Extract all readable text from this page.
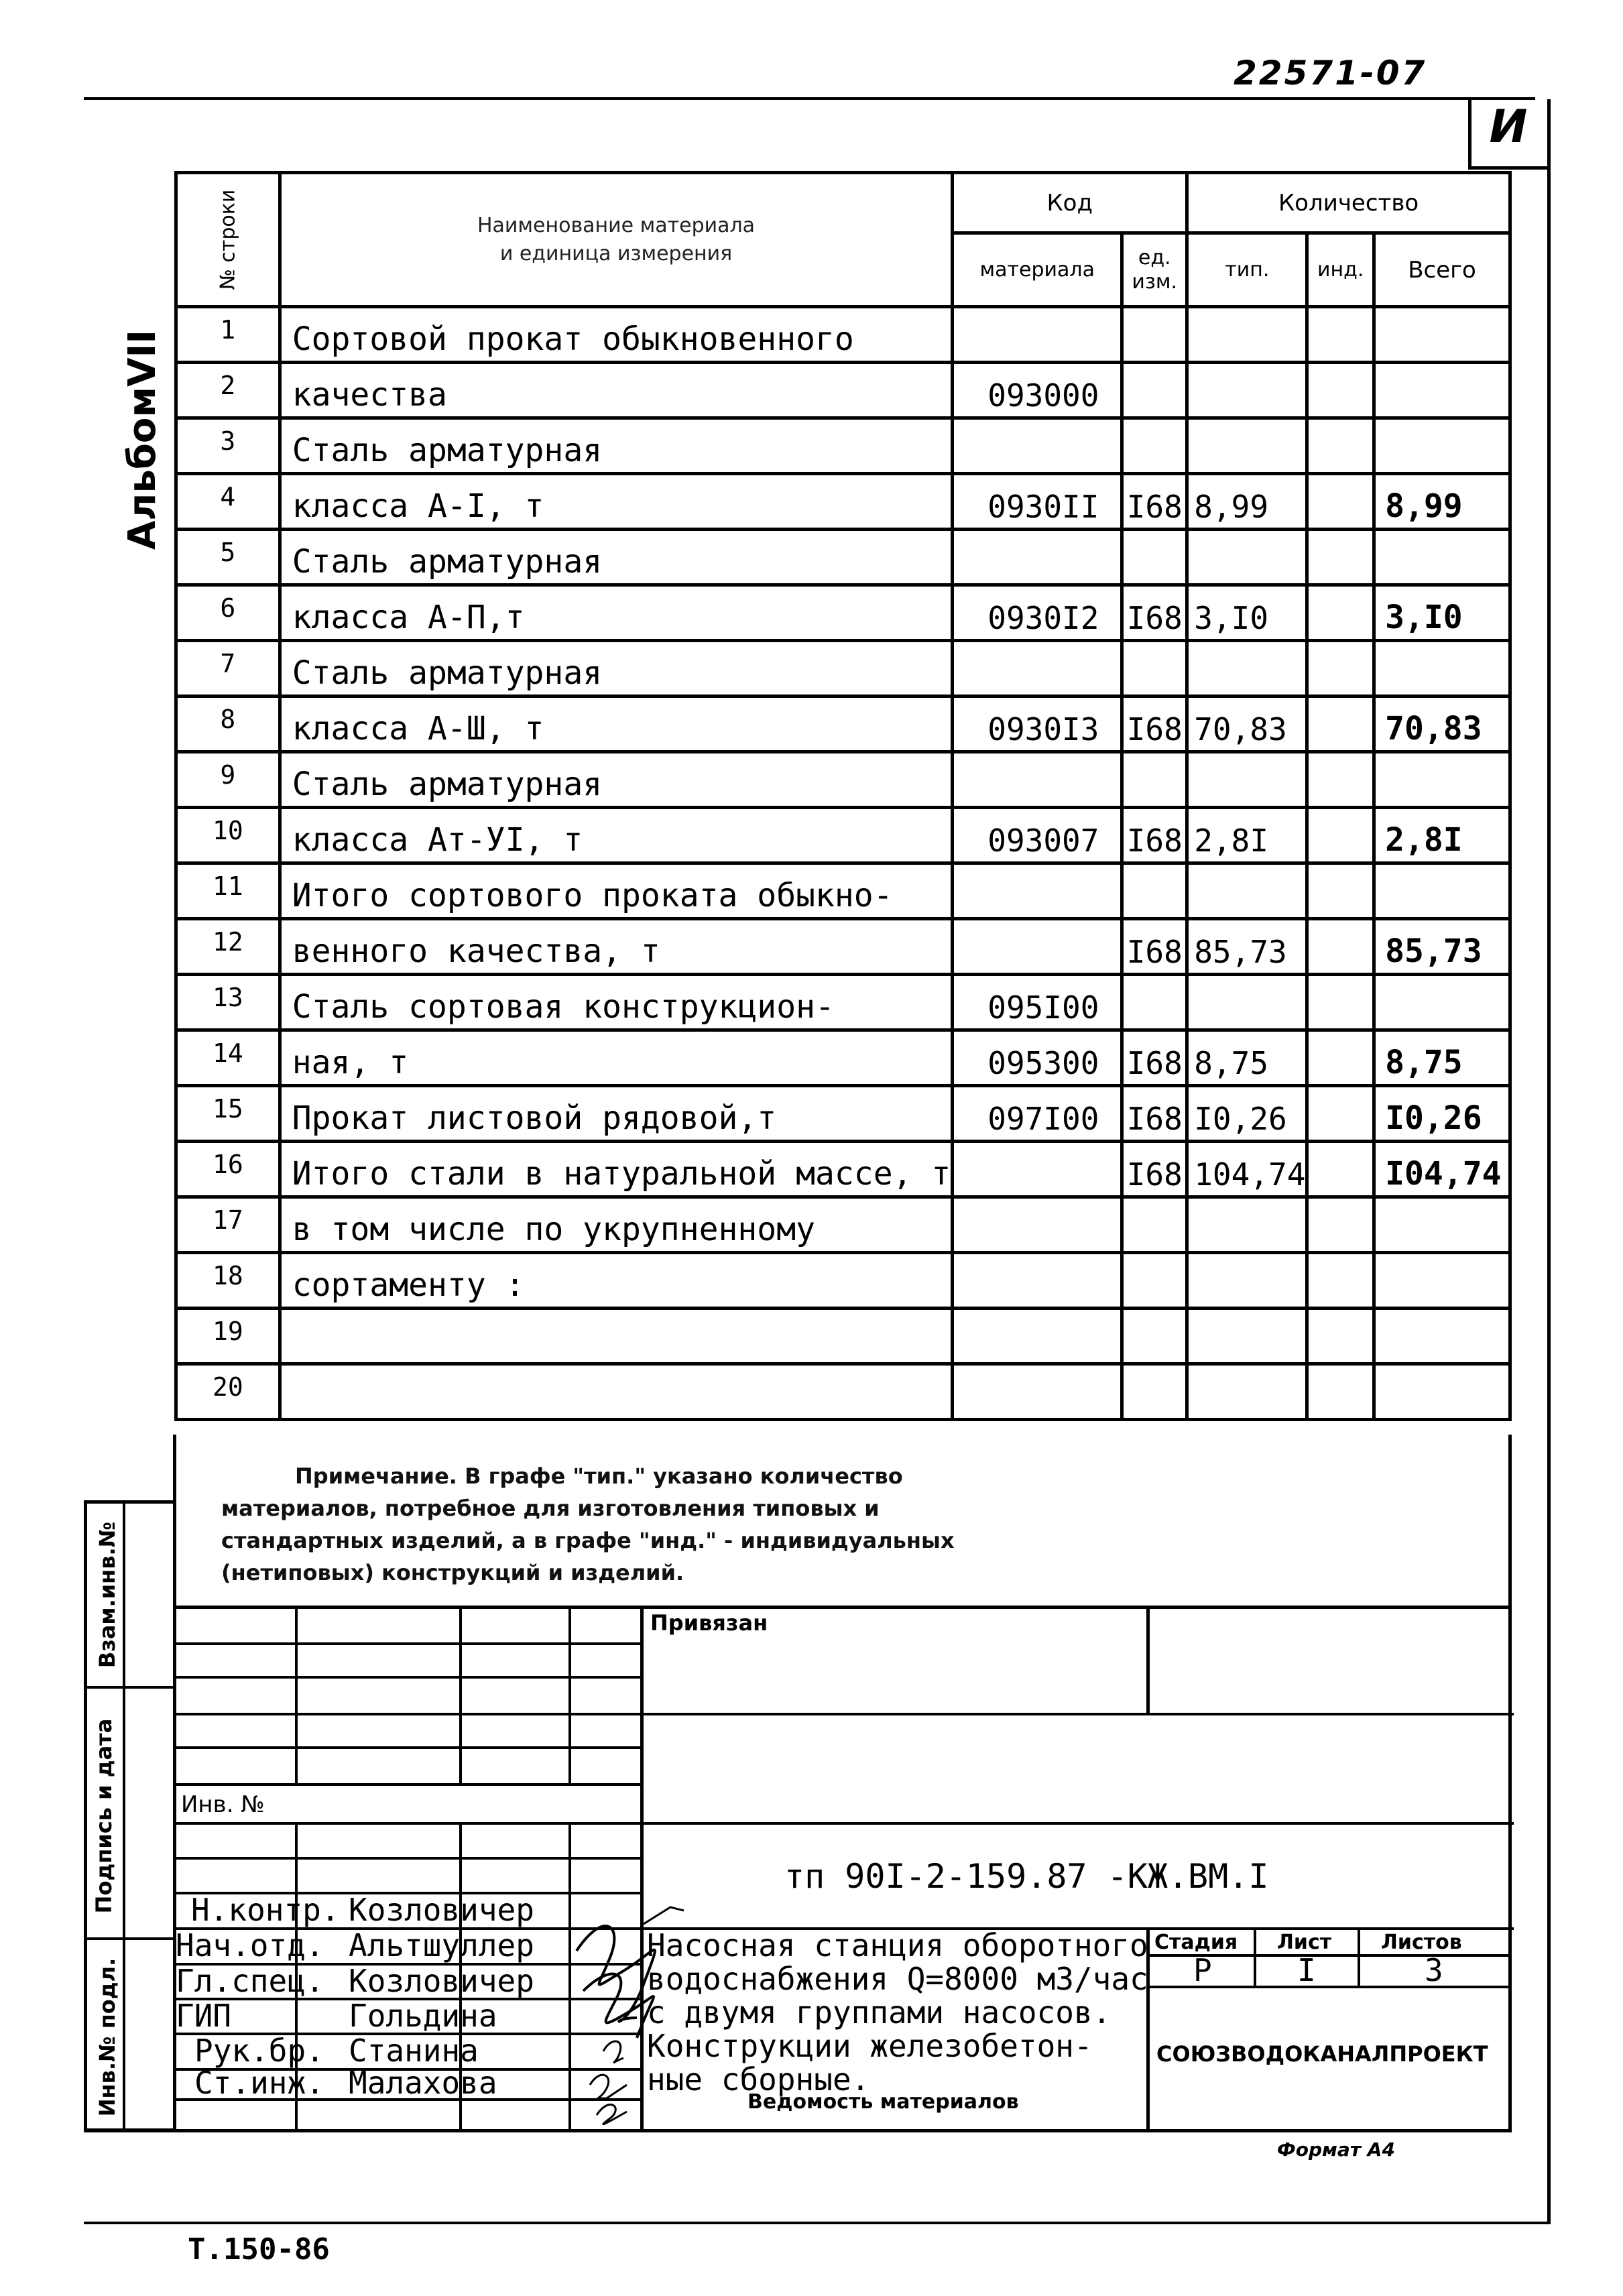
22571-07
И
АльбомVII
№ строки	Наименование материала
и единица измерения	Код		Количество		
		материала	ед.
изм.	тип.	инд.	Всего
1	Сортовой прокат обыкновенного					
2	качества	093000				
3	Сталь арматурная					
4	класса А-I, т	0930II	I68	8,99		8,99
5	Сталь арматурная					
6	класса А-П,т	0930I2	I68	3,I0		3,I0
7	Сталь арматурная					
8	класса А-Ш, т	0930I3	I68	70,83		70,83
9	Сталь арматурная					
10	класса Ат-УI, т	093007	I68	2,8I		2,8I
11	Итого сортового проката обыкно-					
12	венного качества, т		I68	85,73		85,73
13	Сталь сортовая конструкцион-	095I00				
14	ная, т	095300	I68	8,75		8,75
15	Прокат листовой рядовой,т	097I00	I68	I0,26		I0,26
16	Итого стали в натуральной массе, т		I68	104,74		I04,74
17	в том числе по укрупненному					
18	сортаменту :					
19						
20						
Примечание. В графе "тип." указано количество
материалов, потребное для изготовления типовых и
стандартных изделий, а в графе "инд." - индивидуальных
(нетиповых) конструкций и изделий.
Взам.инв.№
Подпись и дата
Инв.№ подл.
Привязан
Инв. №
тп 90I-2-159.87 -КЖ.ВМ.I
Н.контр. Козловичер
Нач.отд. Альтшуллер
Гл.спец. Козловичер
ГИП	Гольдина
Рук.бр. Станина
Ст.инж. Малахова
Насосная станция оборотного
водоснабжения Q=8000 м3/час
с двумя группами насосов.
Конструкции железобетон-
ные сборные.
Ведомость материалов
Стадия Лист Листов
Р	I	3
СОЮЗВОДОКАНАЛПРОЕКТ
Формат А4
Т.150-86
